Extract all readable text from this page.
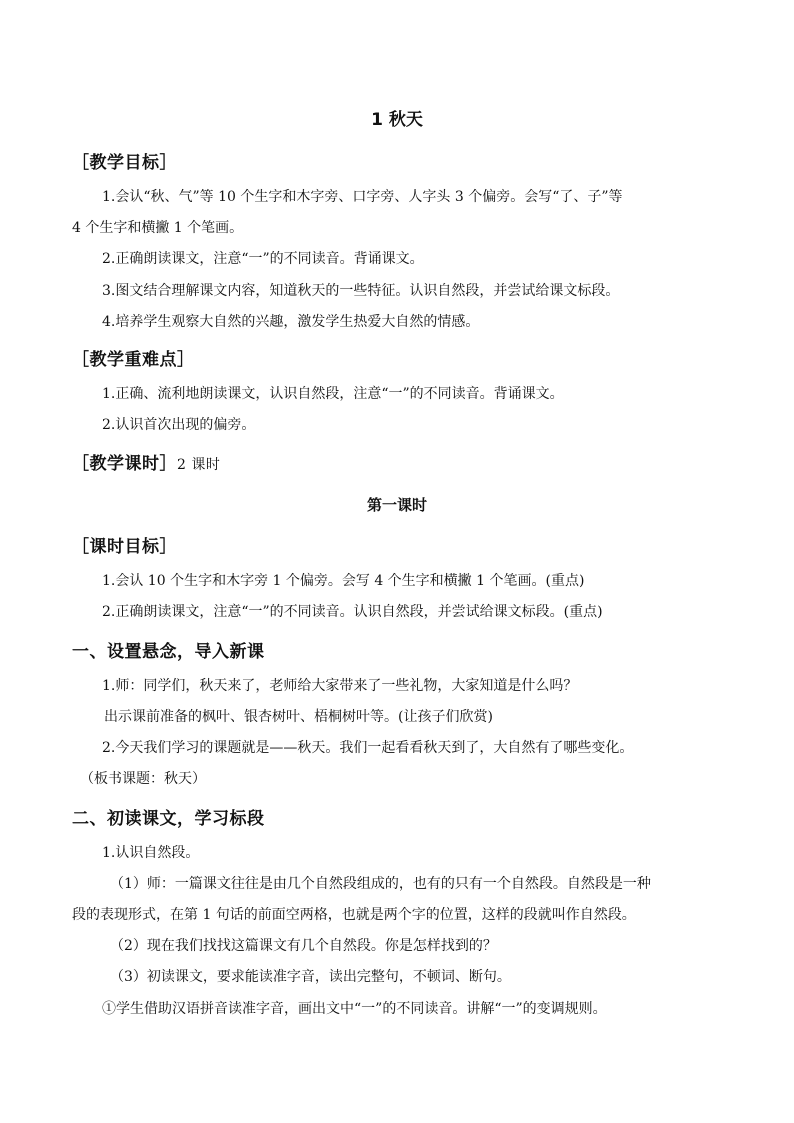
1 秋天
［教学目标］
1.会认“秋、气”等 10 个生字和木字旁、口字旁、人字头 3 个偏旁。会写“了、子”等
4 个生字和横撇 1 个笔画。
2.正确朗读课文，注意“一”的不同读音。背诵课文。
3.图文结合理解课文内容，知道秋天的一些特征。认识自然段，并尝试给课文标段。
4.培养学生观察大自然的兴趣，激发学生热爱大自然的情感。
［教学重难点］
1.正确、流利地朗读课文，认识自然段，注意“一”的不同读音。背诵课文。
2.认识首次出现的偏旁。
［教学课时］2 课时
第一课时
［课时目标］
1.会认 10 个生字和木字旁 1 个偏旁。会写 4 个生字和横撇 1 个笔画。(重点)
2.正确朗读课文，注意“一”的不同读音。认识自然段，并尝试给课文标段。(重点)
一、设置悬念，导入新课
1.师：同学们，秋天来了，老师给大家带来了一些礼物，大家知道是什么吗？
出示课前准备的枫叶、银杏树叶、梧桐树叶等。(让孩子们欣赏)
2.今天我们学习的课题就是——秋天。我们一起看看秋天到了，大自然有了哪些变化。
（板书课题：秋天）
二、初读课文，学习标段
1.认识自然段。
（1）师：一篇课文往往是由几个自然段组成的，也有的只有一个自然段。自然段是一种
段的表现形式，在第 1 句话的前面空两格，也就是两个字的位置，这样的段就叫作自然段。
（2）现在我们找找这篇课文有几个自然段。你是怎样找到的？
（3）初读课文，要求能读准字音，读出完整句，不顿词、断句。
①学生借助汉语拼音读准字音，画出文中“一”的不同读音。讲解“一”的变调规则。
